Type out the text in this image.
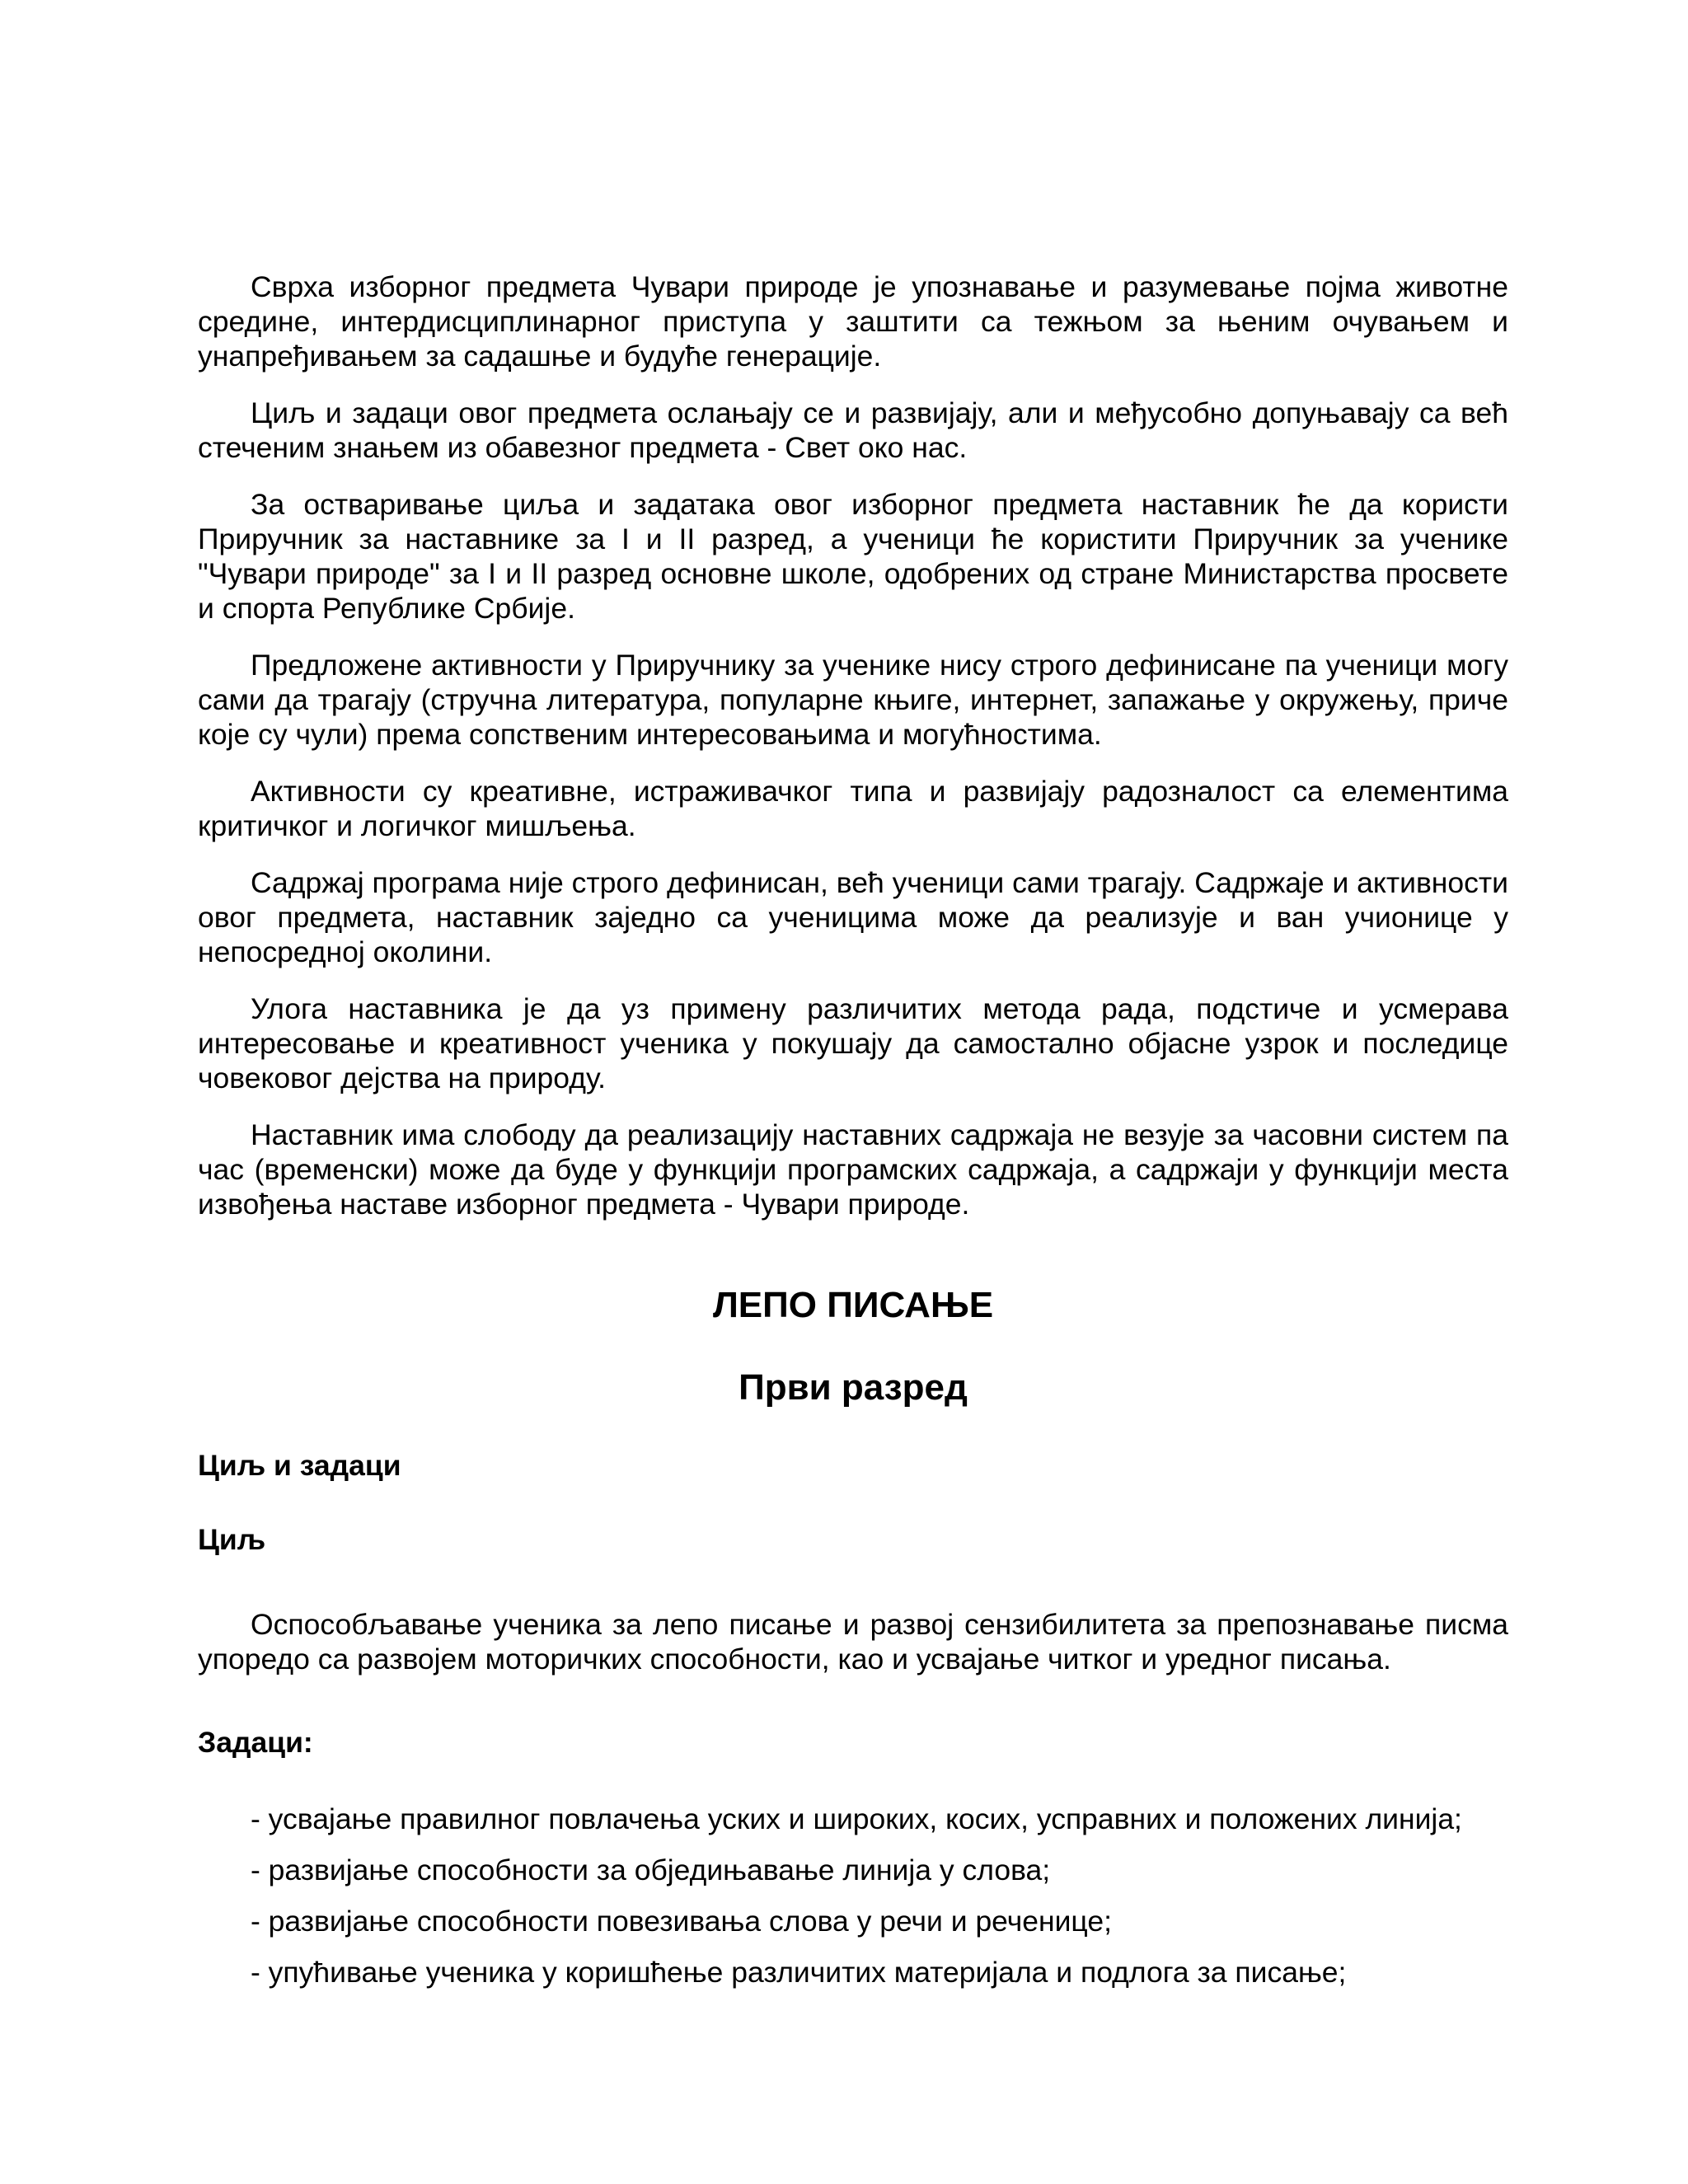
Сврха изборног предмета Чувари природе је упознавање и разумевање појма животне средине, интердисциплинарног приступа у заштити са тежњом за њеним очувањем и унапређивањем за садашње и будуће генерације.

Циљ и задаци овог предмета ослањају се и развијају, али и међусобно допуњавају са већ стеченим знањем из обавезног предмета - Свет око нас.

За остваривање циља и задатака овог изборног предмета наставник ће да користи Приручник за наставнике за I и II разред, а ученици ће користити Приручник за ученике "Чувари природе" за I и II разред основне школе, одобрених од стране Министарства просвете и спорта Републике Србије.

Предложене активности у Приручнику за ученике нису строго дефинисане па ученици могу сами да трагају (стручна литература, популарне књиге, интернет, запажање у окружењу, приче које су чули) према сопственим интересовањима и могућностима.

Активности су креативне, истраживачког типа и развијају радозналост са елементима критичког и логичког мишљења.

Садржај програма није строго дефинисан, већ ученици сами трагају. Садржаје и активности овог предмета, наставник заједно са ученицима може да реализује и ван учионице у непосредној околини.

Улога наставника је да уз примену различитих метода рада, подстиче и усмерава интересовање и креативност ученика у покушају да самостално објасне узрок и последице човековог дејства на природу.

Наставник има слободу да реализацију наставних садржаја не везује за часовни систем па час (временски) може да буде у функцији програмских садржаја, а садржаји у функцији места извођења наставе изборног предмета - Чувари природе.

ЛЕПО ПИСАЊЕ
Први разред
Циљ и задаци
Циљ

Оспособљавање ученика за лепо писање и развој сензибилитета за препознавање писма упоредо са развојем моторичких способности, као и усвајање читког и уредног писања.

Задаци:
- усвајање правилног повлачења уских и широких, косих, усправних и положених линија;
- развијање способности за обједињавање линија у слова;
- развијање способности повезивања слова у речи и реченице;
- упућивање ученика у коришћење различитих материјала и подлога за писање;
